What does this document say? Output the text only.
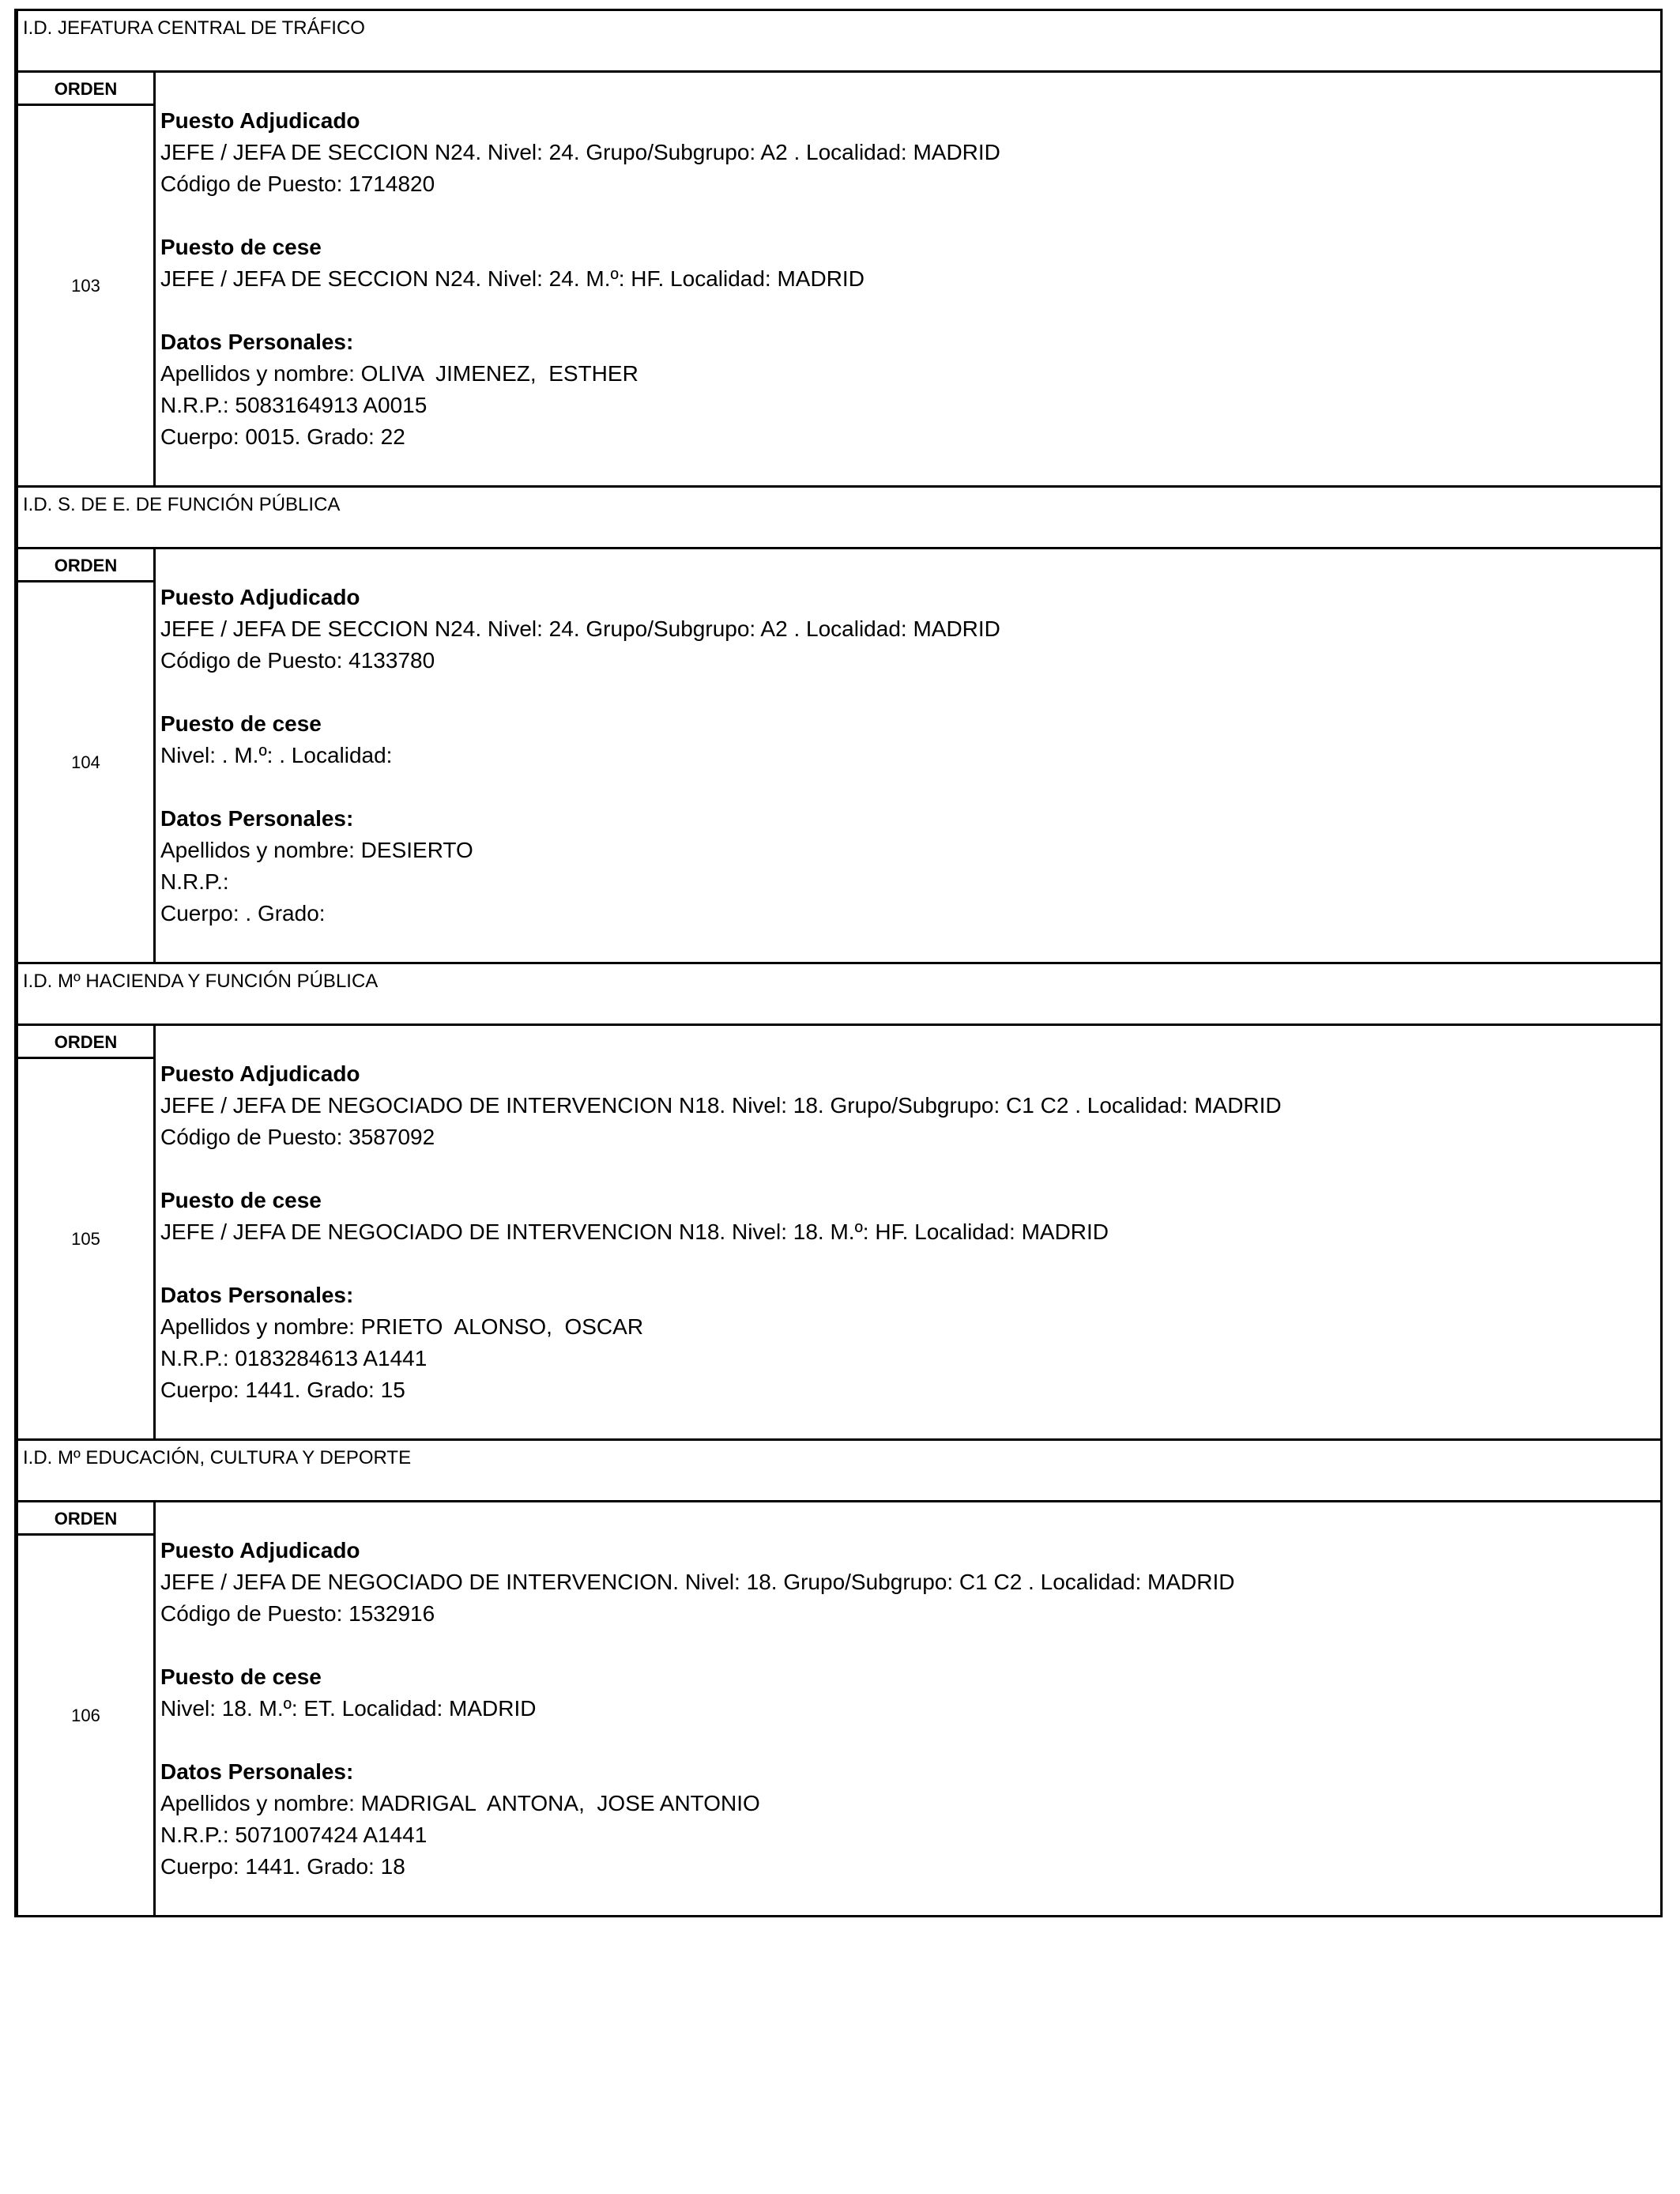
I.D. JEFATURA CENTRAL DE TRÁFICO
ORDEN
103
Puesto Adjudicado
JEFE / JEFA DE SECCION N24. Nivel: 24. Grupo/Subgrupo: A2 . Localidad: MADRID
Código de Puesto: 1714820
Puesto de cese
JEFE / JEFA DE SECCION N24. Nivel: 24. M.º: HF. Localidad: MADRID
Datos Personales:
Apellidos y nombre: OLIVA  JIMENEZ,  ESTHER
N.R.P.: 5083164913 A0015
Cuerpo: 0015. Grado: 22
I.D. S. DE E. DE FUNCIÓN PÚBLICA
ORDEN
104
Puesto Adjudicado
JEFE / JEFA DE SECCION N24. Nivel: 24. Grupo/Subgrupo: A2 . Localidad: MADRID
Código de Puesto: 4133780
Puesto de cese
Nivel: . M.º: . Localidad:
Datos Personales:
Apellidos y nombre: DESIERTO
N.R.P.:
Cuerpo: . Grado:
I.D. Mº HACIENDA Y FUNCIÓN PÚBLICA
ORDEN
105
Puesto Adjudicado
JEFE / JEFA DE NEGOCIADO DE INTERVENCION N18. Nivel: 18. Grupo/Subgrupo: C1 C2 . Localidad: MADRID
Código de Puesto: 3587092
Puesto de cese
JEFE / JEFA DE NEGOCIADO DE INTERVENCION N18. Nivel: 18. M.º: HF. Localidad: MADRID
Datos Personales:
Apellidos y nombre: PRIETO  ALONSO,  OSCAR
N.R.P.: 0183284613 A1441
Cuerpo: 1441. Grado: 15
I.D. Mº EDUCACIÓN, CULTURA Y DEPORTE
ORDEN
106
Puesto Adjudicado
JEFE / JEFA DE NEGOCIADO DE INTERVENCION. Nivel: 18. Grupo/Subgrupo: C1 C2 . Localidad: MADRID
Código de Puesto: 1532916
Puesto de cese
Nivel: 18. M.º: ET. Localidad: MADRID
Datos Personales:
Apellidos y nombre: MADRIGAL  ANTONA,  JOSE ANTONIO
N.R.P.: 5071007424 A1441
Cuerpo: 1441. Grado: 18
